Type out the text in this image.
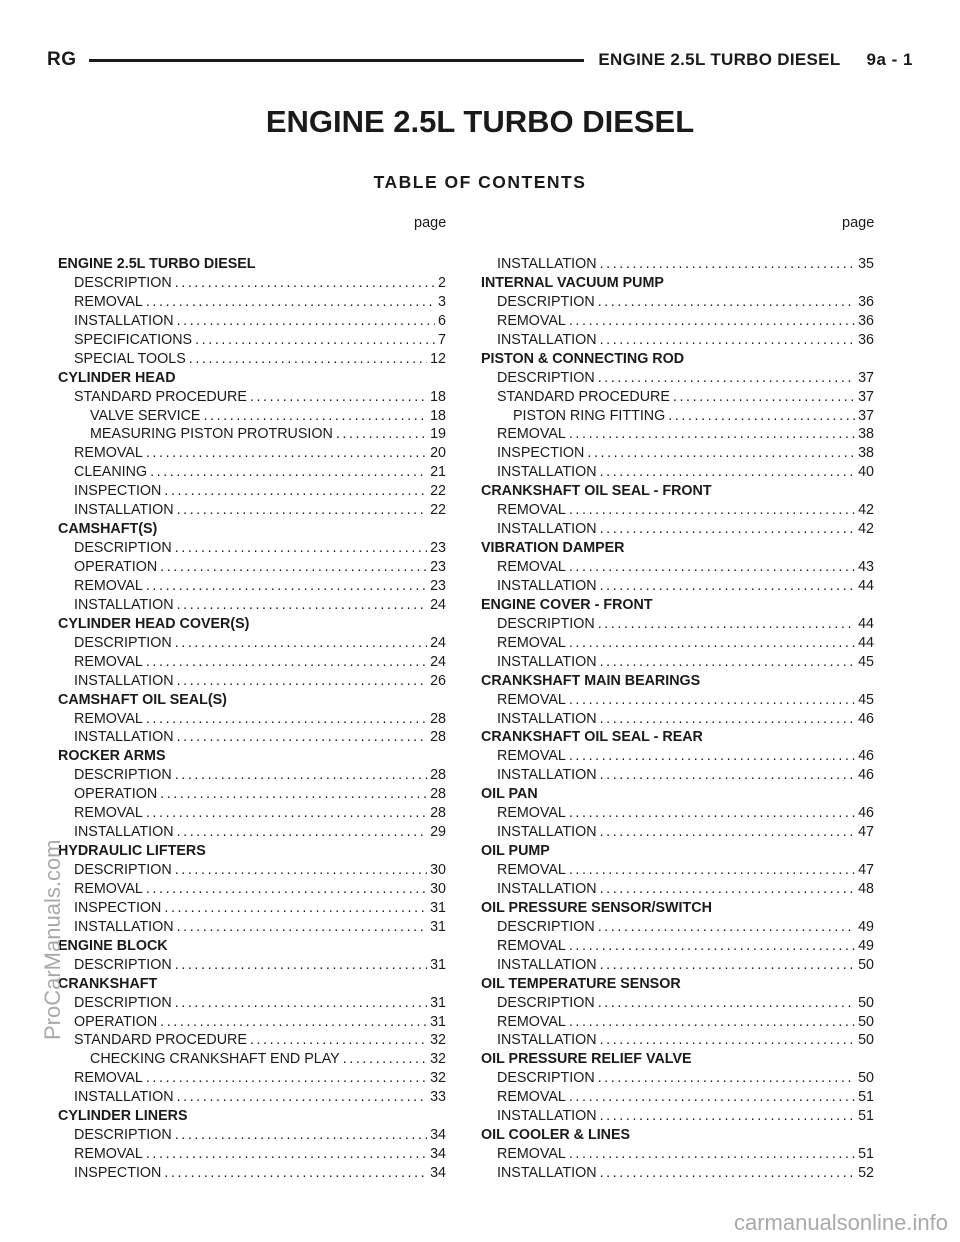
RG	ENGINE 2.5L TURBO DIESEL 9a - 1
ENGINE 2.5L TURBO DIESEL
TABLE OF CONTENTS
page	page
ENGINE 2.5L TURBO DIESEL
DESCRIPTION .....	2
REMOVAL .....	3
INSTALLATION .....	6
SPECIFICATIONS .....	7
SPECIAL TOOLS .....	12
CYLINDER HEAD
STANDARD PROCEDURE .....	18
VALVE SERVICE .....	18
MEASURING PISTON PROTRUSION .....	19
REMOVAL .....	20
CLEANING .....	21
INSPECTION .....	22
INSTALLATION .....	22
CAMSHAFT(S)
DESCRIPTION .....	23
OPERATION .....	23
REMOVAL .....	23
INSTALLATION .....	24
CYLINDER HEAD COVER(S)
DESCRIPTION .....	24
REMOVAL .....	24
INSTALLATION .....	26
CAMSHAFT OIL SEAL(S)
REMOVAL .....	28
INSTALLATION .....	28
ROCKER ARMS
DESCRIPTION .....	28
OPERATION .....	28
REMOVAL .....	28
INSTALLATION .....	29
HYDRAULIC LIFTERS
DESCRIPTION .....	30
REMOVAL .....	30
INSPECTION .....	31
INSTALLATION .....	31
ENGINE BLOCK
DESCRIPTION .....	31
CRANKSHAFT
DESCRIPTION .....	31
OPERATION .....	31
STANDARD PROCEDURE .....	32
CHECKING CRANKSHAFT END PLAY .....	32
REMOVAL .....	32
INSTALLATION .....	33
CYLINDER LINERS
DESCRIPTION .....	34
REMOVAL .....	34
INSPECTION .....	34
INSTALLATION .....	35
INTERNAL VACUUM PUMP
DESCRIPTION .....	36
REMOVAL .....	36
INSTALLATION .....	36
PISTON & CONNECTING ROD
DESCRIPTION .....	37
STANDARD PROCEDURE .....	37
PISTON RING FITTING .....	37
REMOVAL .....	38
INSPECTION .....	38
INSTALLATION .....	40
CRANKSHAFT OIL SEAL - FRONT
REMOVAL .....	42
INSTALLATION .....	42
VIBRATION DAMPER
REMOVAL .....	43
INSTALLATION .....	44
ENGINE COVER - FRONT
DESCRIPTION .....	44
REMOVAL .....	44
INSTALLATION .....	45
CRANKSHAFT MAIN BEARINGS
REMOVAL .....	45
INSTALLATION .....	46
CRANKSHAFT OIL SEAL - REAR
REMOVAL .....	46
INSTALLATION .....	46
OIL PAN
REMOVAL .....	46
INSTALLATION .....	47
OIL PUMP
REMOVAL .....	47
INSTALLATION .....	48
OIL PRESSURE SENSOR/SWITCH
DESCRIPTION .....	49
REMOVAL .....	49
INSTALLATION .....	50
OIL TEMPERATURE SENSOR
DESCRIPTION .....	50
REMOVAL .....	50
INSTALLATION .....	50
OIL PRESSURE RELIEF VALVE
DESCRIPTION .....	50
REMOVAL .....	51
INSTALLATION .....	51
OIL COOLER & LINES
REMOVAL .....	51
INSTALLATION .....	52
ProCarManuals.com
carmanualsonline.info
